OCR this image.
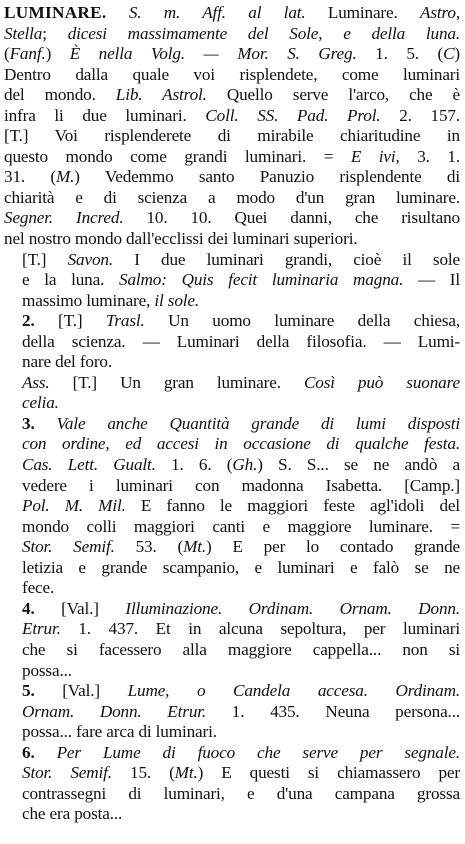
LUMINARE. S. m. Aff. al lat. Luminare. Astro,
Stella; dicesi massimamente del Sole, e della luna.
(Fanf.) È nella Volg. — Mor. S. Greg. 1. 5. (C)
Dentro dalla quale voi risplendete, come luminari
del mondo. Lib. Astrol. Quello serve l'arco, che è
infra li due luminari. Coll. SS. Pad. Prol. 2. 157.
[T.] Voi risplenderete di mirabile chiaritudine in
questo mondo come grandi luminari. = E ivi, 3. 1.
31. (M.) Vedemmo santo Panuzio risplendente di
chiarità e di scienza a modo d'un gran luminare.
Segner. Incred. 10. 10. Quei danni, che risultano
nel nostro mondo dall'ecclissi dei luminari superiori.
[T.] Savon. I due luminari grandi, cioè il sole
e la luna. Salmo: Quis fecit luminaria magna. — Il
massimo luminare, il sole.
2. [T.] Trasl. Un uomo luminare della chiesa,
della scienza. — Luminari della filosofia. — Lumi-
nare del foro.
Ass. [T.] Un gran luminare. Così può suonare
celia.
3. Vale anche Quantità grande di lumi disposti
con ordine, ed accesi in occasione di qualche festa.
Cas. Lett. Gualt. 1. 6. (Gh.) S. S... se ne andò a
vedere i luminari con madonna Isabetta. [Camp.]
Pol. M. Mil. E fanno le maggiori feste agl'idoli del
mondo colli maggiori canti e maggiore luminare. =
Stor. Semif. 53. (Mt.) E per lo contado grande
letizia e grande scampanio, e luminari e falò se ne
fece.
4. [Val.] Illuminazione. Ordinam. Ornam. Donn.
Etrur. 1. 437. Et in alcuna sepoltura, per luminari
che si facessero alla maggiore cappella... non si
possa...
5. [Val.] Lume, o Candela accesa. Ordinam.
Ornam. Donn. Etrur. 1. 435. Neuna persona...
possa... fare arca di luminari.
6. Per Lume di fuoco che serve per segnale.
Stor. Semif. 15. (Mt.) E questi si chiamassero per
contrassegni di luminari, e d'una campana grossa
che era posta...
